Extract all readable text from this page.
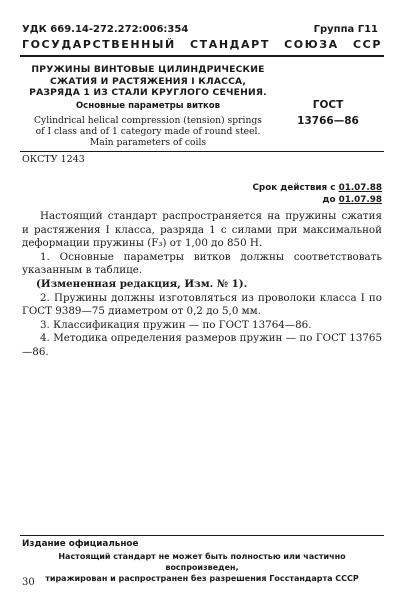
УДК 669.14-272.272:006:354	Группа Г11
ГОСУДАРСТВЕННЫЙ СТАНДАРТ СОЮЗА ССР
ПРУЖИНЫ ВИНТОВЫЕ ЦИЛИНДРИЧЕСКИЕ
СЖАТИЯ И РАСТЯЖЕНИЯ I КЛАССА,
РАЗРЯДА 1 ИЗ СТАЛИ КРУГЛОГО СЕЧЕНИЯ.
Основные параметры витков
Cylindrical helical compression (tension) springs
of I class and of 1 category made of round steel.
Main parameters of coils
ГОСТ
13766—86
ОКСТУ 1243
Срок действия с 01.07.88
до 01.07.98

Настоящий стандарт распространяется на пружины сжатия и растяжения I класса, разряда 1 с силами при максимальной деформации пружины (F₃) от 1,00 до 850 Н.

1. Основные параметры витков должны соответствовать указанным в таблице.

(Измененная редакция, Изм. № 1).

2. Пружины должны изготовляться из проволоки класса I по ГОСТ 9389—75 диаметром от 0,2 до 5,0 мм.

3. Классификация пружин — по ГОСТ 13764—86.

4. Методика определения размеров пружин — по ГОСТ 13765—86.

Издание официальное
Настоящий стандарт не может быть полностью или частично воспроизведен,
тиражирован и распространен без разрешения Госстандарта СССР
30
